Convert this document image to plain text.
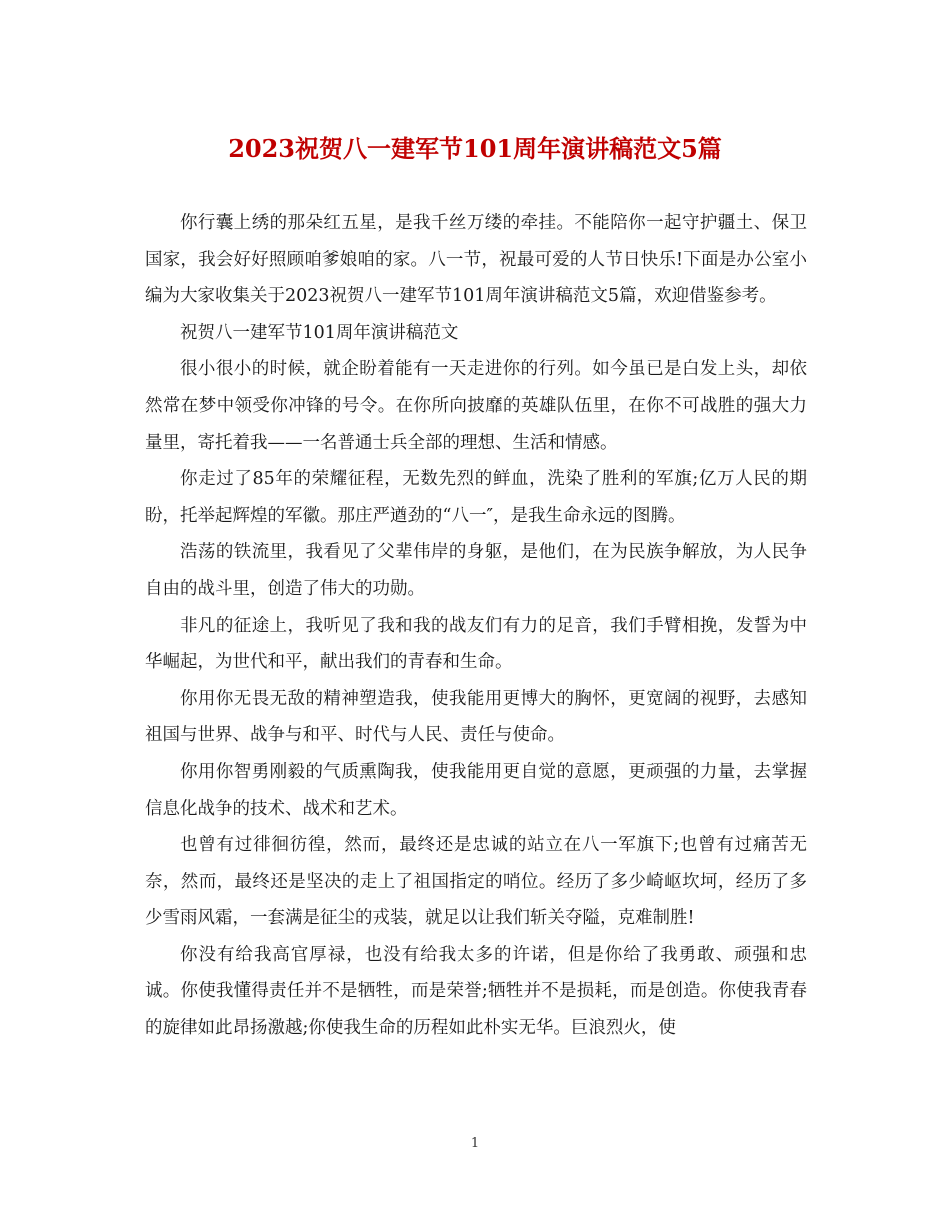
2023祝贺八一建军节101周年演讲稿范文5篇

你行囊上绣的那朵红五星，是我千丝万缕的牵挂。不能陪你一起守护疆土、保卫国家，我会好好照顾咱爹娘咱的家。八一节，祝最可爱的人节日快乐!下面是办公室小编为大家收集关于2023祝贺八一建军节101周年演讲稿范文5篇，欢迎借鉴参考。

祝贺八一建军节101周年演讲稿范文

很小很小的时候，就企盼着能有一天走进你的行列。如今虽已是白发上头，却依然常在梦中领受你冲锋的号令。在你所向披靡的英雄队伍里，在你不可战胜的强大力量里，寄托着我——一名普通士兵全部的理想、生活和情感。

你走过了85年的荣耀征程，无数先烈的鲜血，洗染了胜利的军旗;亿万人民的期盼，托举起辉煌的军徽。那庄严遒劲的“八一″，是我生命永远的图腾。

浩荡的铁流里，我看见了父辈伟岸的身躯，是他们，在为民族争解放，为人民争自由的战斗里，创造了伟大的功勋。

非凡的征途上，我听见了我和我的战友们有力的足音，我们手臂相挽，发誓为中华崛起，为世代和平，献出我们的青春和生命。

你用你无畏无敌的精神塑造我，使我能用更博大的胸怀，更宽阔的视野，去感知祖国与世界、战争与和平、时代与人民、责任与使命。

你用你智勇刚毅的气质熏陶我，使我能用更自觉的意愿，更顽强的力量，去掌握信息化战争的技术、战术和艺术。

也曾有过徘徊彷徨，然而，最终还是忠诚的站立在八一军旗下;也曾有过痛苦无奈，然而，最终还是坚决的走上了祖国指定的哨位。经历了多少崎岖坎坷，经历了多少雪雨风霜，一套满是征尘的戎装，就足以让我们斩关夺隘，克难制胜!

你没有给我高官厚禄，也没有给我太多的许诺，但是你给了我勇敢、顽强和忠诚。你使我懂得责任并不是牺牲，而是荣誉;牺牲并不是损耗，而是创造。你使我青春的旋律如此昂扬激越;你使我生命的历程如此朴实无华。巨浪烈火，使

1
